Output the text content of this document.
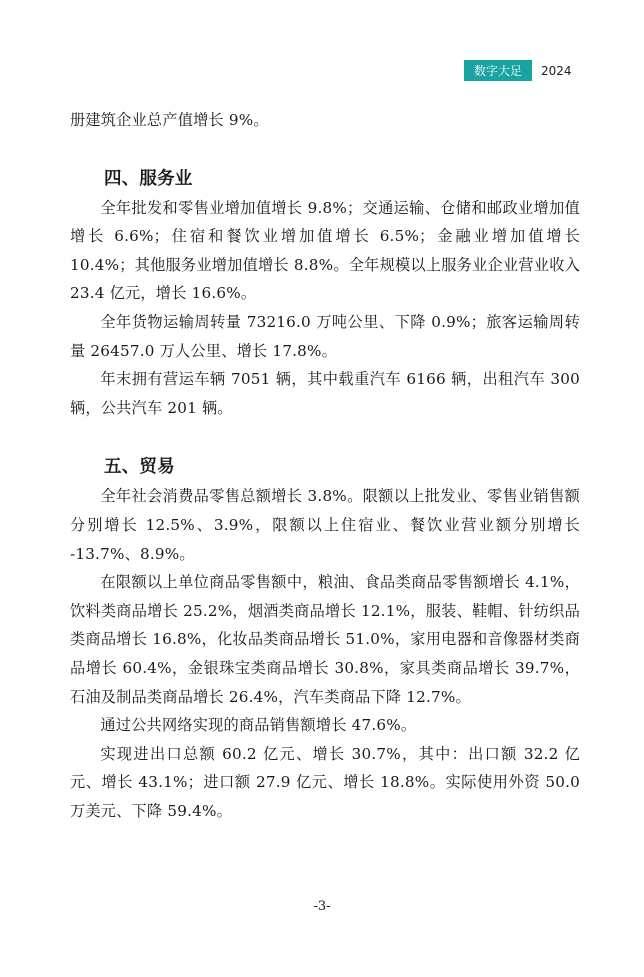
数字大足	2024

册建筑企业总产值增长 9%。

四、服务业

全年批发和零售业增加值增长 9.8%；交通运输、仓储和邮政业增加值增长 6.6%；住宿和餐饮业增加值增长 6.5%；金融业增加值增长 10.4%；其他服务业增加值增长 8.8%。全年规模以上服务业企业营业收入 23.4 亿元，增长 16.6%。

全年货物运输周转量 73216.0 万吨公里、下降 0.9%；旅客运输周转量 26457.0 万人公里、增长 17.8%。

年末拥有营运车辆 7051 辆，其中载重汽车 6166 辆，出租汽车 300 辆，公共汽车 201 辆。

五、贸易

全年社会消费品零售总额增长 3.8%。限额以上批发业、零售业销售额分别增长 12.5%、3.9%，限额以上住宿业、餐饮业营业额分别增长 -13.7%、8.9%。

在限额以上单位商品零售额中，粮油、食品类商品零售额增长 4.1%，饮料类商品增长 25.2%，烟酒类商品增长 12.1%，服装、鞋帽、针纺织品类商品增长 16.8%，化妆品类商品增长 51.0%，家用电器和音像器材类商品增长 60.4%，金银珠宝类商品增长 30.8%，家具类商品增长 39.7%，石油及制品类商品增长 26.4%，汽车类商品下降 12.7%。

通过公共网络实现的商品销售额增长 47.6%。

实现进出口总额 60.2 亿元、增长 30.7%，其中：出口额 32.2 亿元、增长 43.1%；进口额 27.9 亿元、增长 18.8%。实际使用外资 50.0 万美元、下降 59.4%。

-3-
